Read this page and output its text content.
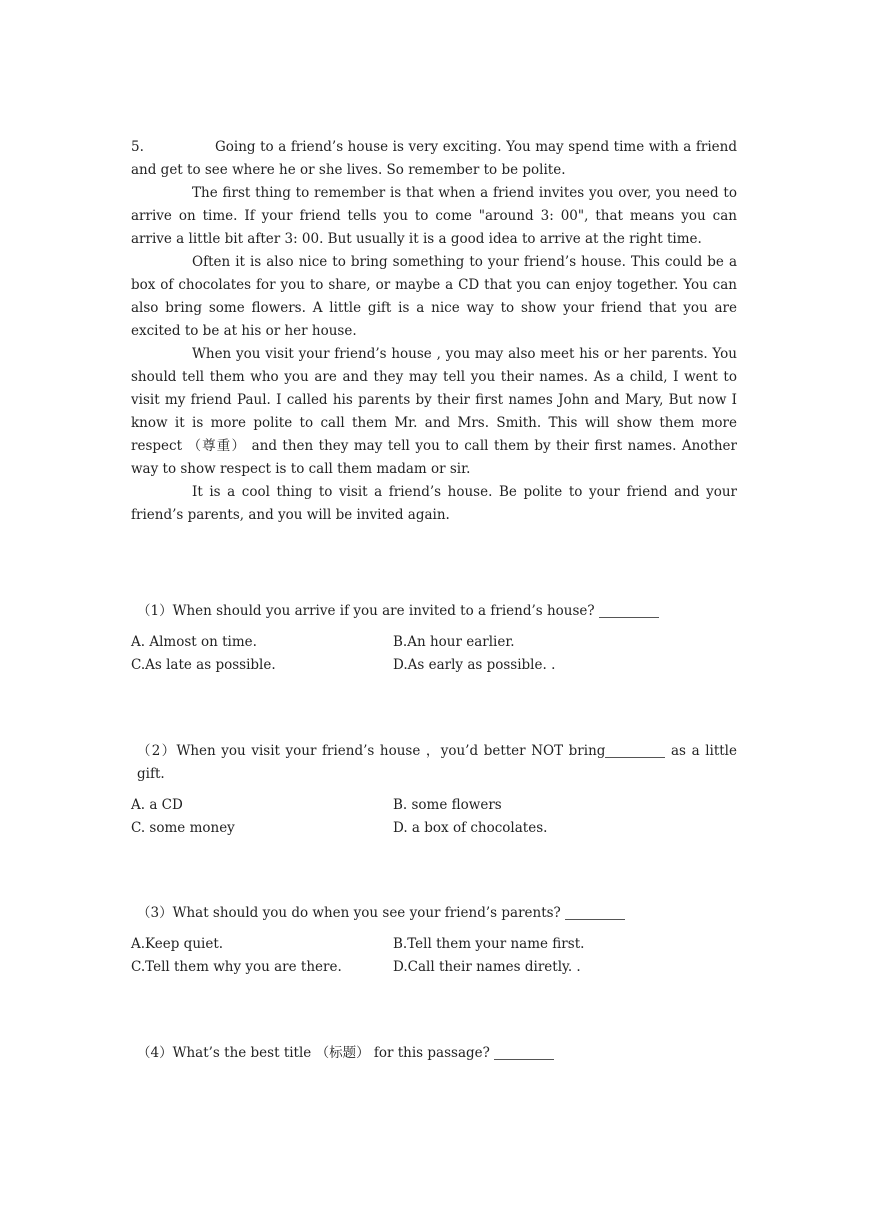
5.	Going to a friend’s house is very exciting. You may spend time with a friend and get to see where he or she lives. So remember to be polite.

The first thing to remember is that when a friend invites you over, you need to arrive on time. If your friend tells you to come "around 3: 00", that means you can arrive a little bit after 3: 00. But usually it is a good idea to arrive at the right time.

Often it is also nice to bring something to your friend’s house. This could be a box of chocolates for you to share, or maybe a CD that you can enjoy together. You can also bring some flowers. A little gift is a nice way to show your friend that you are excited to be at his or her house.

When you visit your friend’s house , you may also meet his or her parents. You should tell them who you are and they may tell you their names. As a child, I went to visit my friend Paul. I called his parents by their first names John and Mary, But now I know it is more polite to call them Mr. and Mrs. Smith. This will show them more respect （尊重） and then they may tell you to call them by their first names. Another way to show respect is to call them madam or sir.

It is a cool thing to visit a friend’s house. Be polite to your friend and your friend’s parents, and you will be invited again.

（1）When should you arrive if you are invited to a friend’s house?

A. Almost on time.	B.An hour earlier.
C.As late as possible.	D.As early as possible. .

（2）When you visit your friend’s house ，you’d better NOT bring	as a little gift.

A. a CD	B. some flowers
C. some money	D. a box of chocolates.

（3）What should you do when you see your friend’s parents?

A.Keep quiet.	B.Tell them your name first.
C.Tell them why you are there.	D.Call their names diretly. .

（4）What’s the best title （标题） for this passage?
